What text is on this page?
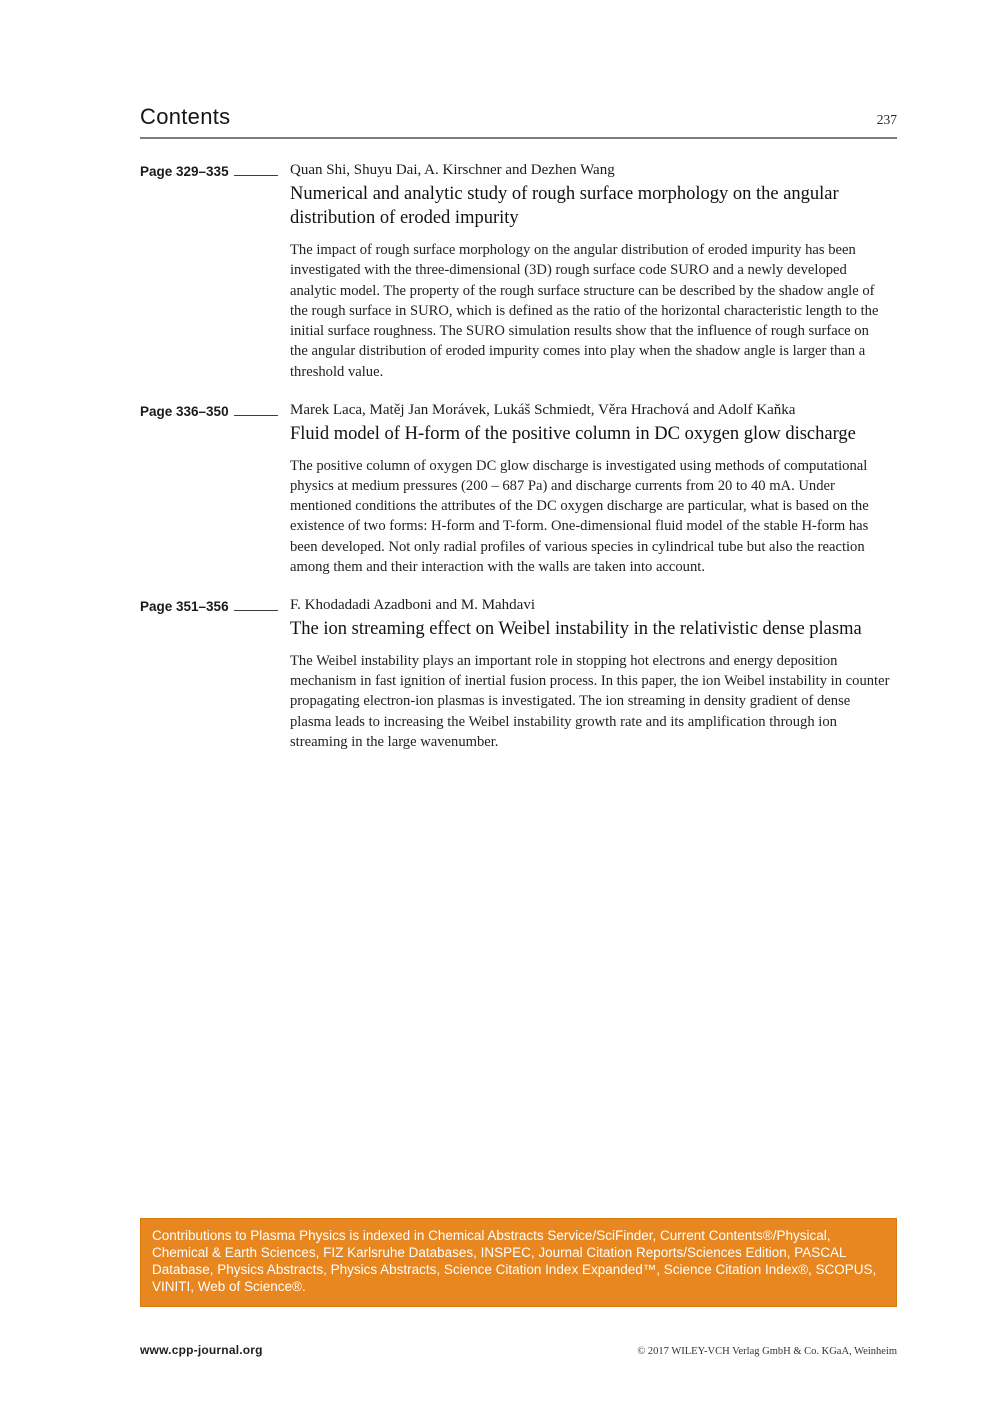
Contents	237
Page 329–335	Quan Shi, Shuyu Dai, A. Kirschner and Dezhen Wang
Numerical and analytic study of rough surface morphology on the angular distribution of eroded impurity
The impact of rough surface morphology on the angular distribution of eroded impurity has been investigated with the three-dimensional (3D) rough surface code SURO and a newly developed analytic model. The property of the rough surface structure can be described by the shadow angle of the rough surface in SURO, which is defined as the ratio of the horizontal characteristic length to the initial surface roughness. The SURO simulation results show that the influence of rough surface on the angular distribution of eroded impurity comes into play when the shadow angle is larger than a threshold value.
Page 336–350	Marek Laca, Matěj Jan Morávek, Lukáš Schmiedt, Věra Hrachová and Adolf Kaňka
Fluid model of H-form of the positive column in DC oxygen glow discharge
The positive column of oxygen DC glow discharge is investigated using methods of computational physics at medium pressures (200 – 687 Pa) and discharge currents from 20 to 40 mA. Under mentioned conditions the attributes of the DC oxygen discharge are particular, what is based on the existence of two forms: H-form and T-form. One-dimensional fluid model of the stable H-form has been developed. Not only radial profiles of various species in cylindrical tube but also the reaction among them and their interaction with the walls are taken into account.
Page 351–356	F. Khodadadi Azadboni and M. Mahdavi
The ion streaming effect on Weibel instability in the relativistic dense plasma
The Weibel instability plays an important role in stopping hot electrons and energy deposition mechanism in fast ignition of inertial fusion process. In this paper, the ion Weibel instability in counter propagating electron-ion plasmas is investigated. The ion streaming in density gradient of dense plasma leads to increasing the Weibel instability growth rate and its amplification through ion streaming in the large wavenumber.
Contributions to Plasma Physics is indexed in Chemical Abstracts Service/SciFinder, Current Contents®/Physical, Chemical & Earth Sciences, FIZ Karlsruhe Databases, INSPEC, Journal Citation Reports/Sciences Edition, PASCAL Database, Physics Abstracts, Physics Abstracts, Science Citation Index Expanded™, Science Citation Index®, SCOPUS, VINITI, Web of Science®.
www.cpp-journal.org	© 2017 WILEY-VCH Verlag GmbH & Co. KGaA, Weinheim
